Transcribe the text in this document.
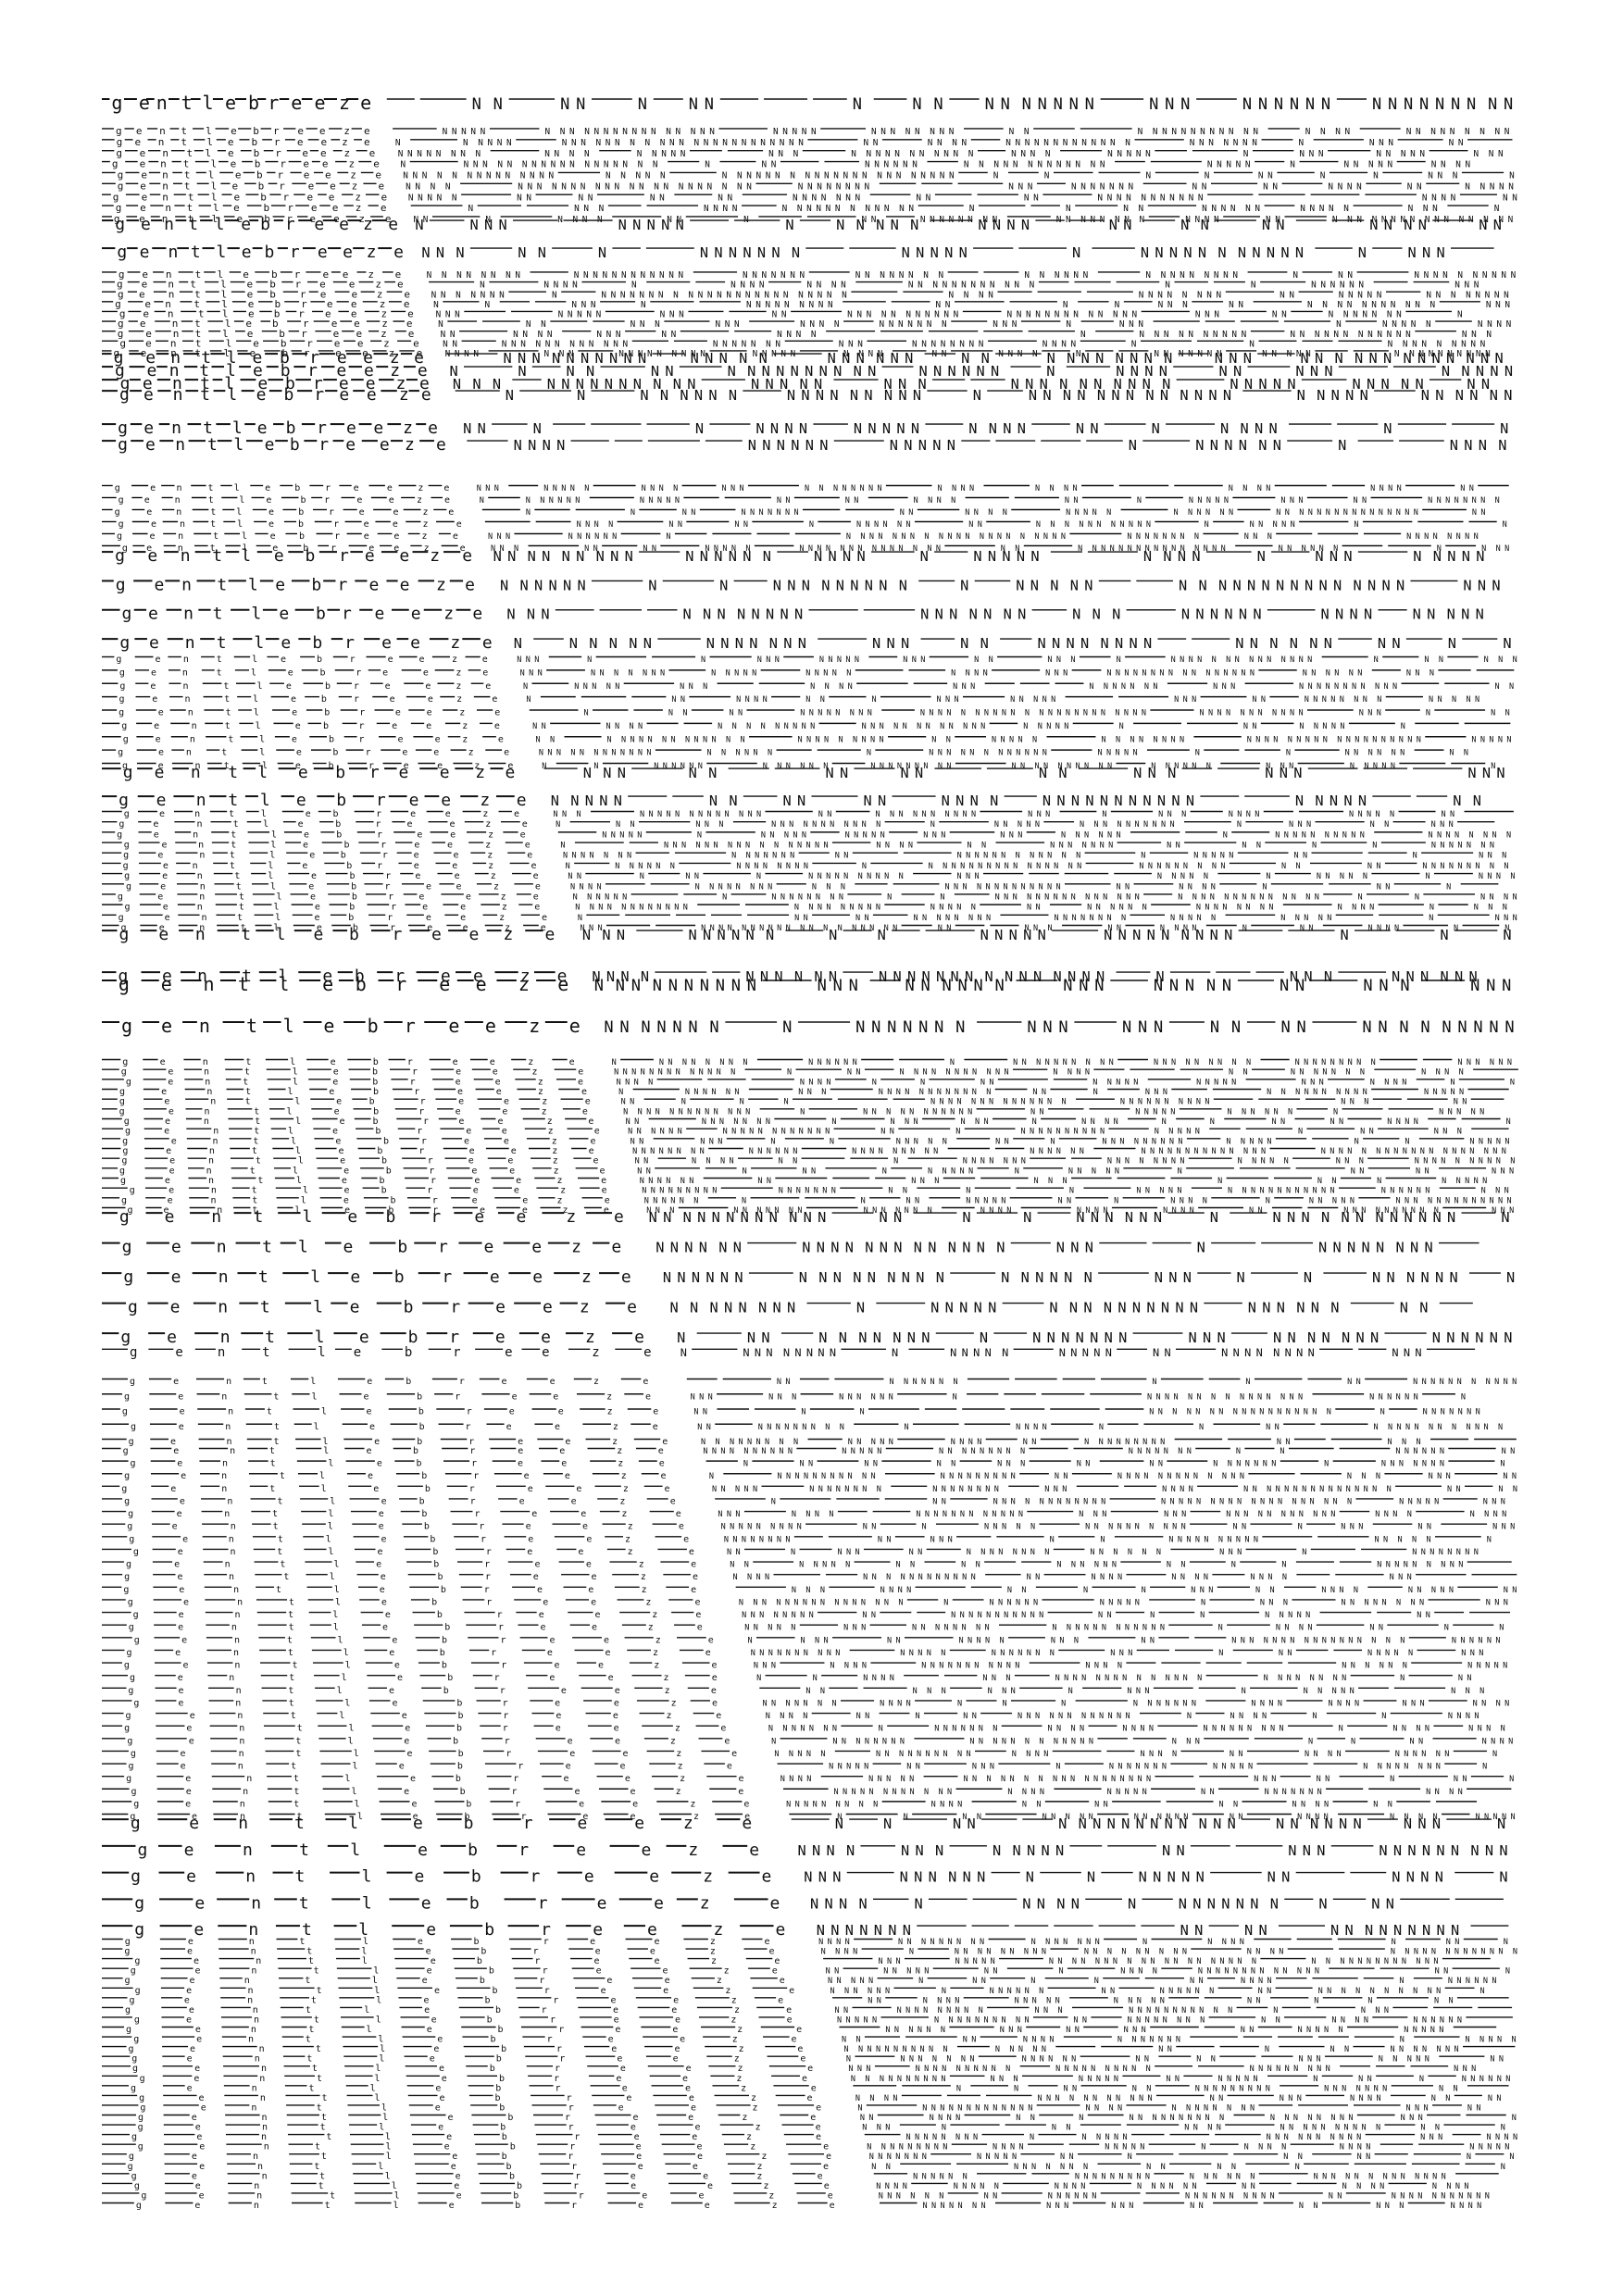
g e n t l e b r e e z e	N N	N N	N	N N	N	N N	N N N N N N N	N N N	N N N N N N	N N N N N N N N N
g e n t l e b r e e z e	N N N N N	N N N N N N N N N N N N N N N N	N N N N N	N N N N N N N N	N N	N N N N N N N N N N N N	N N N N	N N N N N N N N N
g e n t l e b r e e z e	N	N N N N N	N N N N N N N N N N N N N N N N N N N N N N N	N N	N N N N	N N N N N N N N N N N N N	N N N N N N N	N	N N N	N N
g e n t l e b r e e z e	N N N N N N N N	N N N N	N N N N N	N N N	N N N N N N N N N N N	N N N N	N N N N N	N	N N N	N N N N N	N N N
g e n t l e b r e e z e N	N N N N N N N N N N N N N N N N N N	N	N N	N N N N N N	N N N N N N N N N N N N N	N N N N N	N	N N N N N	N N N N
g e n t l e b r e e z e N N N N N N N N N N N N N N	N N N N N	N N N N N N N N N N N N N N N N N N N N N N	N	N	N	N	N N	N	N	N N N	N
g e n t l e b r e e z e N N N N	N N N N N N N N N N N N N N N N N N N N N	N N N N N N N N	N N N	N N N N N N N	N N	N N	N N N N	N N	N N N N N
g e n t l e b r e e z e N N N N N	N N	N N	N N	N N	N N N N N N N	N N	N N	N N N N N N N N N N N	N N N N	N N
g e n t l e b r e e z e	N	N N N	N N N N	N N N N N N N N N N N N	N	N	N N	N N N N N N	N N N N N	N N N	N
g e n t l e b r e e z e	N N	N	N	N N	N N	N	N N	N	N N N	N N N	N N	N N N N N N	N N N
g e n t l e b r e e z e N	N N N	N N N N N	N	N N N N N	N N N N	N N	N N	N N	N N N N	N N
g e n t l e b r e e z e N N N	N N	N	N N N N N N N	N N N N N	N	N N N N N N N N N N N	N	N N N
g e n t l e b r e e z e	N N N N N N N N	N N N N N N N N N N N N	N N N N N N N	N N N N N N N N	N N N N N N	N N N N N N N N N	N	N N	N N N N N N N N N N
g e n t l e b r e e z e	N	N N N N	N	N N N N	N N N N	N N N N N N N N N N N N	N	N	N N N N N N	N N N
g e n t l e b r e e z e N N N N N N N	N	N N N N N N N N N N N N N N N N N N N N N N N N	N N N N	N N N N N N N N	N N	N N N N N	N N N N N N N N
g e n t l e b r e e z e	N	N	N N N	N	N N N N N N N N N	N N	N	N	N N N	N N	N N N N N N N N N N N	N N N
g e n t l e b r e e z e	N N N	N N N N N	N N N	N N	N N N N N N N N N N N	N N N N N N N N N N N N N	N N N	N N	N N N N N N N	N
g e	n t l e b r e e z e	N	N N	N N N	N N N	N N N N	N N N N N N N	N N N	N	N N N	N	N N N N N	N N N N
g e n t l e	b r	e e z e	N N	N N N N	N N N	N N	N N N N	N	N N N N N N N N N N	N N N N N N N N N N N N	N N N
g e n t l e b r e e z e	N N	N N N N N N N N N N N N	N N N N N N N	N N N	N N N N N N N N	N N N N	N	N	N N N N N N N N N
g	n	l e	b	e e z e	N N N	N N N N	N N	N N	N N N N	N	N N	N N	N N	N N N N N N N N N N
g e n t l e b r e e z e	N N N N N N N N N N	N N N N N	N N N N N N	N N	N N N N N N N N	N N N	N N N N N N N N N N N N N
g e n t l e b r e e z e N	N	N N	N N	N N N N N N N N N N	N N N N N N	N	N N N N	N N	N N N	N N N N N
g e n t l e b r e e z e N N N	N N N N N N N N N N	N N N N N	N N N	N N N N N N N N N N	N N N N N	N N N N N	N N
g e n t l e b r e e z e	N	N	N N N N N N	N N N N N N N N N	N	N N N N N N N N N N N N N	N N N N N	N N N N N N
g e n t l e b r e e z e N N	N	N	N N N N	N N N N N	N N N N	N N	N	N N N N	N	N
g e n t l e b r e e z e	N N N N	N N N N N N	N N N N N	N	N N N N N N	N	N N N N
g	e n	t l	e	b	r e	e	z e	N N N	N N N N N	N N N N	N N N	N N N N N N N N	N N N N	N N N N	N N N N	N N N N	N N
g e	n	t	l e	b r	e	e z e	N	N N N N N N	N N N N N	N N	N N	N N N N	N N	N	N N N N N	N N N	N N	N N N N N N N N
g	e	n	t l	e	b	r	e	e	z e	N	N	N N	N N N N N N N	N N	N N N N	N N N N N	N N N N N N	N N N N N N N N N N N N N N N N	N N
g	e n	t l	e	b	r	e	e	z	e	N N N N	N N	N N	N	N N N N N N	N N	N N N N N N N N N N N	N	N N N N N	N	N
g	e n	t l e	b	r	e	e z	e	N N N	N N N N N N	N	N N N N N N N N N N N N N N N N N N N N N	N N N N N N N N	N N N	N N N N N N N N
g e	n	t	l	e	b r	e e	z	e	N N N	N N	N N	N N N N N	N N N N N N N N N N N N N N	N N	N N N N N N N N N N N N N N N N	N N N N N N	N	N N N
g e n t l e b r e e z e N N N N N N N N N	N N N N N N	N N N N	N	N N N N N	N N N N	N	N N N	N N N N N
g e n t l e b r e e z e N N N N N N	N	N	N N N N N N N N N	N	N N N N N	N N N N N N N N N N N N N N N	N N N
g e n t l e b r e e z e N N N	N N N N N N N N	N N N N N N N	N N N	N N N N N N	N N N N	N N N N N
g e n t l e b r e e z e N	N N N N N	N N N N N N N	N N N	N N	N N N N N N N N	N N N N N N	N N	N	N
g	e n	t	l e	b	r	e	e	z	e	N N N	N	N	N N N	N N N N N	N N N	N N	N N N	N	N N N N N N N N N N N N N N	N	N N	N N N
g	e	n	t	l	e	b	r e	e	z e	N N N	N N N N N N N	N N N N N	N N N N N	N N N N	N N N	N N N N N N N N N N N N N N N N	N N N N N N	N N N
g	e	n	t	l	e	b r	e	e	z	e	N	N N N N N	N N N	N N N N	N N N	N N N N N N N	N N N	N N N N N N N N N N N	N N
g	e	n	t l	e	b	r	e	e	z	e	N	N N	N N N N	N N	N	N N N	N N N N N	N N N	N N	N N N N N N N N	N N N N N
g	e	n	t l	e	b	r	e	e	z	e	N	N N	N N	N N N N N N N N	N N N N N N N N N N N N N N N N N N N N N N N	N N N N N N N N N N N	N N N	N	N N
g	e	n	t	l	e b	r	e	e	z	e	N N	N N N N	N N N N N N N N N	N N N N N N N N N N N N	N N N N N	N	N N	N N N N N	N
g	e	n	t	l	e	b	r	e	e z	e	N N	N N N N N N N N N N N N N	N N N N N N N N N	N N	N N N N N	N N N N N N N N	N N N N N N N N N N N N N N N N N N N	N N N N N
g	e n	t	l	e	b	r	e	e	z	e	N N N N N N N N N N N N	N N N N N N	N	N N N N N N N N N N N N	N N N N N	N	N	N N N N N N	N N
g	e	n	t	l	e	b	r	e	e	z	e	N	N	N N N N N N	N N N N N N	N N N N N N N N N	N N N N N N N N N N	N N N N N N	N N N	N N N N N	N
g e n t l e b r e e z e	N N N	N N	N N	N N	N N	N N N	N N N	N N N
g e n t l e b r e e z e N N N N N	N N	N N	N N	N N N N	N N N N N N N N N N N	N N N N N	N N
g	e	n	t	l	e b	r	e	e	z	e	N N N	N N N N N N N N N N N N N	N N	N N N N N N N N N N	N N N	N	N N N	N N N N	N N N N N	N N
g	e	n	t	l	e	b	r	e	e	z	e	N	N N	N N N	N N N N N N N N N N N	N	N N N N N	N N N N N N N N N N	N	N N N	N N	N N N
g	e	n	t	l	e	b	r	e	e	z	e	N N N N N	N	N N N N N	N N N N N	N N N	N N N	N N N N N N	N	N N N N N N N N N N	N N N N N N N N
g	e	n	t	l	e	b	r	e	e	z	e	N	N N N N N N N N N N N N N N N N	N N N N	N N	N N N N N N N	N N	N N	N	N	N N N N N N N
g	e	n	t	l	e	b	r	e	e	z	e	N N N N N N N	N N N N N N N	N N	N N N N N N N N N N N N	N	N N N N N	N N	N	N N N
g	e	n	t	l	e	b	r	e	e	z	e	N	N N N N N N	N N N N N N N N	N	N N N N N N N N N N N N N N N N	N N N N N N N N N	N N	N N	N N N N N N N N N
g	e	n	t	l	e	b	r	e	e	z	e	N N	N	N N	N	N N N N N N N N N N	N N N	N N N N N	N	N N N N N	N	N N N N
g	e	n	t	l	e	b	r	e	e	z	e	N N N N	N N N N N N N N	N N N	N N N N N N N N N N N N N	N N	N N N N	N	N N	N
g	e	n	t	l	e	b	r	e	e	z	e	N N N N N N	N	N N N N N N N N	N	N	N N N N N N N N N N N N N N N	N N N N N N N N N N N N N N	N	N	N N N N
g	e	n	t	l	e	b	r	e	e	z	e	N N N N N N N N N N N N	N N N N N N N N N	N N N N N	N N	N N N N N N	N N N N N N N N	N N N N	N	N N N
g	e	n	t	l	e	b	r	e	e	z	e	N	N N	N N	N N N N N N N N	N N N N N N N N	N N N N N	N N N N N	N	N N N
g	e	n	t	l	e	b	r	e	e	z	e	N N N	N N N N N N N N N N N N N N N N N N N	N N	N N N	N N	N N N N	N	N N	N N N N	N	N
g e n t l e b r e e z e N N N	N N N N N N	N	N	N N N N N	N N N N N N N N N	N	N	N
g e n t l e b r e e z e N N N N	N N N N N N	N N N N N N N N N N N N N N N	N	N N N	N N N N N N
g e n t l e b r e e z e N N N N N N N N N N	N N N	N N N N N N	N N N	N N N N N	N N	N N N	N N N
g e n t l e b r e e z e N N N N N N N	N	N N N N N N N	N N N	N N N	N N	N N	N N N N N N N N N
g	e	n	t	l	e	b	r	e	e	z	e	N	N N N N N N N N	N N N N N N	N	N N N N N N N N N N	N N N N N N N N N	N N N N N N N N N	N N N N N N
g	e	n	t	l	e	b	r	e	e	z	e	N N N N N N N N N N N N N	N	N N	N N N N N N N N N N N	N N N N	N N	N N N N N N N	N N N N
g	e	n	t	l	e	b	r	e	e	z	e	N N N N	N N N N	N	N	N N	N N N N N	N N N N N	N N N	N N N N	N	N
g	e	n	t	l	e	b	r	e	e	z	e	N	N N N N N N	N N N	N N N N N N N N N N N N	N N	N	N N N	N N N N N N N N N N	N N N N N
g	e	n	t	l	e	b	r	e	e	z	e	N N	N	N	N	N N N N N N N N N N N N N N	N N N N N N N N N N	N N N	N N
g	e	n	t	l	e	b	r	e	e	z	e	N N N N N N N N N N N N N	N	N N N N N N N N N N N	N N	N N N N N	N N N N N N	N	N N N N N
g	e	n	t	l	e	b	r	e	e	z	e	N N	N N N N N N N	N	N N N	N N N	N	N N N N	N	N	N N	N N	N N N N	N
g	e	n	t	l	e	b	r	e	e	z	e	N N N N N N	N N N N N N N N N N N N	N N	N	N N N N N N N N N N	N N N N N	N	N N	N N N
g	e	n	t	l	e	b	r	e	e	z	e	N N	N N N	N	N	N N N N N	N N	N	N N N N N N N N N	N N N N N	N	N	N N N N N
g	e	n	t	l	e	b	r	e	e	z	e	N N N N N N N N	N N N N N N	N N N N N N N N N	N N N N N N	N N N N N N N N N N N N N N	N N N N N N N N N N N N N N N N N N N
g	e	n	t	l	e	b	r	e	e	z	e	N N	N N N N	N N	N	N N N N N N N	N N N N N N N N	N N N N N	N N N	N N N N N N N N N N
g	e	n	t	l	e	b	r	e	e	z	e	N N	N	N N	N	N N N N N	N	N N N N N	N	N N	N N	N N N
g	e	n	t	l	e	b	r	e	e	z	e	N N N N N N	N N	N N N	N N N	N	N N	N	N N N N N
g	e	n	t	l	e	b	r	e	e	z	e	N N N N N N N N N	N N N N N N N	N N	N	N	N N N N N	N N N N N N N N N N N N	N N N N N N	N N N
g	e	n	t	l	e	b	r	e	e	z	e	N N N N N N	N	N	N N	N N N N N	N N	N	N N N N	N	N N N N N	N N N N N N N N N N N N N
g	e	n	t	l	e	b	r	e	e	z	e	N N N	N N N N N N N	N N N N N N N	N N N N	N N N N	N N N N	N N	N N N N N N N N N N	N N N
g e n t l e b r e e z e N N N N N N N N N N N N	N N	N	N	N N N N N N	N	N N N N N N N N N N N N	N
g e n t l e	b r e e z e N N N N N N	N N N N N N N N N N N N N	N N N	N	N N N N N N N N
g e n t	l e b r e e z e N N N N N N	N N N N N N N N N	N N N N N N	N N N	N	N	N N N N N N	N
g e n t	l e	b r e e z e N N N N N N N N	N	N N N N N	N N N N N N N N N N	N N N N N N	N N
g e	n t l e b r e e z e N	N N	N N N N N N N	N	N N N N N N N	N N N	N N N N N N N	N N N N N N
g	e	n	t	l e	b	r	e e	z	e	N	N N N N N N N N	N	N N N N N	N N N N N	N N	N N N N N N N N	N N N
g	e	n	t	l	e	b	r	e	e	z	e	N N	N N N N N N N	N	N	N N	N N N N N N N N N N N
g	e	n	t	l	e	b	r	e	e	z	e	N N N	N N N	N N N N N N	N	N N N N N N N N N N N N N N N	N N N N N N	N
g	e	n	t	l	e	b	r	e	e	z	e	N N	N	N	N N N N N N N N N N N N N N N N N N	N	N N N N N N N
g	e	n	t	l	e	b	r	e	e	z	e	N N	N N N N N N N N N	N	N N N N	N	N	N N	N N N N N N N N N N N N
g	e	n	t	l	e	b	r	e	e	z	e	N N N N N N N N N	N N N N N	N N N N	N N	N N N N N N N N N	N N	N N N
g	e	n	t	l	e	b	r	e	e	z	e	N N N N N N N N N N	N N N N N	N N N N N N N N N	N N N N N N N	N	N	N N N N N N	N N
g	e	n	t	l	e	b	r	e	e	z	e	N	N N	N N	N N	N N N	N N	N N	N N N N N N N	N	N N N N N N N	N
g	e	n	t	l	e	b	r	e	e	z	e	N	N N N N N N N N N N N	N N N N N N N N N	N N	N N N N N N N N N N N N N	N N N	N N N	N N
g	e	n	t	l	e	b	r	e	e	z	e	N N N N N	N N N N N N N N	N N N N N N N N	N N N	N N N N	N N N N N N N N N N N N N N N N	N N	N N
g	e	n	t	l	e	b	r	e	e	z	e	N	N N	N N N N N N N N N N N N	N N N N N N N N N N N N N N N N N N N	N N N N N	N N N
g	e	n	t	l	e	b	r	e	e	z	e	N N N	N N N N	N N N N N N N N N N N N	N N N	N N N	N N N N N N N N N N N	N N N N	N N N N
g	e	n	t	l	e	b	r	e	e	z	e	N N N N N N N N N	N N	N	N N N N N	N N N N N N N N N N	N N	N	N N N	N N	N N N
g	e	n	t	l	e	b	r	e	e	z	e	N N N N N N N N	N N	N N N	N	N	N N N N N N N N N N	N N N N N	N
g	e	n	t	l	e	b	r	e	e	z	e	N N	N	N N N	N N	N N N N N N N N	N N N N N N	N N N	N	N N N N N N N N
g	e	n	t	l	e	b	r	e	e	z	e	N N	N N N N N	N N	N N	N N N N N N	N N	N	N	N N N N N N N N N
g	e	n	t	l	e	b	r	e	e	z	e	N N N N	N N N N N N N N N N N N	N N	N N N N	N N N N	N N N N	N N N
g	e	n	t	l	e	b	r	e	e	z	e	N N N	N N N N	N N	N	N	N N N	N N	N N N N	N N N N N	N N
g	e	n	t	l	e	b	r	e	e	z	e	N N N N N N N N N N N N N N N N	N	N N N N N N	N N N N N	N	N N N	N N N N N N N N	N N N
g	e	n	t	l	e	b	r	e	e	z	e	N N N N N N N N	N N	N N N N N N N N N N N	N N	N	N	N N N N N	N N
g	e	n	t	l	e	b	r	e	e	z	e	N N N N N	N N N	N N N N N N N N	N N N N N N N N N N N N	N	N N N N	N N	N	N
g	e	n	t	l	e	b	r	e	e	z	e	N	N N N	N N	N N N N N	N N N	N N	N N N N N N N N N N N N N N N N N	N N N N N N
g	e	n	t	l	e	b	r	e	e	z	e	N N N N N N N N N N	N N N N N	N N N N N N N	N N N	N	N N	N N N N N	N N N
g	e	n	t	l	e	b	r	e	e	z	e	N N N	N N N N	N N N N N N N N N N N	N N N N	N N N N N N	N N N N N
g	e	n	t	l	e	b	r	e	e	z	e	N	N	N N N N	N N N	N N N N N N N N N N N N N N	N N N N N N N N	N	N N
g	e	n	t	l	e	b	r	e	e	z	e	N N	N N N	N N N	N	N N N	N	N N N N N	N N N
g	e	n	t	l	e	b	r	e	e	z	e	N N N N N N N	N N N N	N	N	N	N N N N N N N	N N N N	N N N N	N N N	N N N N
g	e	n	t	l	e	b	r	e	e	z	e	N N N N	N N	N	N N	N N N N N N N N N N N N	N	N N N N	N	N	N N N N
g	e	n	t	l	e	b	r	e	e	z	e	N N N N N N N	N	N N N N N N N	N N N N	N N N N	N N N N N N N N N	N	N N N N	N N N N
g	e	n	t	l	e	b	r	e	e	z	e	N	N N N N N N N N	N N N N N N N N N N N N	N N N	N	N	N N	N N N N
g	e	n	t	l	e	b	r	e	e	z	e	N N N N N	N N N N N N N N N N	N N N N	N N N N	N N	N N N N	N N N N N N	N
g	e	n	t	l	e	b	r	e	e	z	e	N N N N N	N N	N N N	N	N N N N N N N	N N N N N	N N N N N N N N	N
g	e	n	t	l	e	b	r	e	e	z	e	N N N N	N N N N N	N N N N N N N N N N N N N N N N N N	N N N	N N	N	N N	N
g	e	n	t	l	e	b	r	e	e	z	e	N N N N N N N N N N N N	N N N N	N N N N N	N N	N N N N N N N	N N N N
g	e	n	t	l	e	b	r	e	e	z	e	N N N N N N N N N	N N N N	N N	N N	N N	N N N N	N N
g	e	n	t	l	e	b	r	e	e	z	e	N	N	N N	N N N N N	N N N N N N	N N	N N N N	N N N N	N N N N N
g	e n	t	l	e b	r	e	e z	e	N	N	N N	N N N N N N N N N N N N	N N N N N N	N N N	N
g e	n	t l	e b r	e	e z	e	N N N N	N N N	N N N N N	N N	N N N	N N N N N N N N N
g	e	n t	l	e	b	r	e	e	z	e N N N	N N N N N N	N	N	N N N N N	N N	N N N N	N
g	e	n t	l	e b	r	e	e z	e N N N N	N	N N N N	N	N N N N N N N	N	N N
g	e	n	t	l	e	b	r	e	e	z	e N N N N N N N	N N	N N	N N N N N N N N N
g	e	n	t	l	e	b	r	e	e	z	e	N N N N	N N N N N N N N N	N N N N N N N	N	N N N N	N	N N	N
g	e	n	t	l	e	b	r	e	e	z	e	N N N N	N	N N N N N N N N N	N N N N N N N N N	N N N N	N N N N N N N N N N N N N
g	e	n	t	l	e	b	r	e	e	z	e	N N N	N N N N N	N N N N N N N N N N N N N N N N N N N	N N N N N N N N N N N N N
g	e	n	t	l	e	b	r	e	e	z	e	N N	N N N N N	N N	N	N N N N	N N N N N N N N N N N N N	N N	N
g	e	n	t	l	e	b	r	e	e	z	e	N N N N N	N	N N	N	N	N N	N N N N	N	N N N N N N
g	e	n	t	l	e	b	r	e	e	z	e	N N N N N N	N	N N N N N N	N N	N N N N N N	N N	N N N N N N N N N N	N
g	e	n	t	l	e	b	r	e	e	z	e	N N	N N N N	N N N N N	N N N N N	N N	N	N	N N
g	e	n	t	l	e	b	r	e	e	z	e	N N	N N N N N N N N N	N N N	N N N N N N N N N N N	N	N N N
g	e	n	t	l	e	b	r	e	e	z	e	N N N N N	N N N N N N N N N N	N N	N N N N N N N N	N N	N N N N	N N N N N N
g	e	n	t	l	e	b	r	e	e	z	e	N N N N N N	N N N	N N	N N N	N N	N N N N N	N N N N N
g	e	n	t	l	e	b	r	e	e	z	e	N N	N N	N N N N	N N N N N N N	N	N N N N N
g	e	n	t	l	e	b	r	e	e	z	e	N N N N N N N N N N N	N N N N N	N N	N	N N	N N N N N N N
g	e	n	t	l	e	b	r	e	e	z	e	N	N N N N N N N	N N N N N N	N N	N N	N N N	N N N N N	N N
g	e	n	t	l	e	b	r	e	e	z	e	N N N	N N N N N N N N N N	N N N N N N N N N N	N N N N N N N N N	N N N
g	e	n	t	l	e	b	r	e	e	z	e	N N N N N N N N N N	N N N	N N N N N	N N	N N N N N	N	N N	N	N N N N N N
g	e	n	t	l	e	b	r	e	e	z	e	N	N	N N	N N	N N N N N N N N N	N N N N N N N	N N
g	e	n	t	l	e	b	r	e	e	z	e	N N N N	N N N N N N N N N N N	N N	N N N	N N N N	N N	N N
g	e	n	t	l	e	b	r	e	e	z	e	N	N N N N N N N N N N N N N	N N N N	N N N N N N N N	N N N	N N
g	e	n	t	l	e	b	r	e	e	z	e	N N	N N N N	N N	N	N N N N N N N N N N	N N N N N N N N	N N N	N
g	e	n	t	l	e	b	r	e	e	z	e	N N N	N	N N	N N N N	N N N N N N N N N N	N N	N
g	e	n	t	l	e	b	r	e	e	z	e	N N N N N N N N	N	N N N N N	N N N N N N N N N N	N N N	N N N N
g	e	n	t	l	e	b	r	e	e	z	e	N N N N N N N N N	N N N N	N N N N N	N	N N N N	N N N N	N N N N N
g	e	n	t	l	e	b	r	e	e	z	e	N N N N N N N	N N N N N	N N	N	N N	N N	N	N
g	e	n	t	l	e	b	r	e	e	z	e	N N	N N N N N N N	N N	N N	N	N
g	e	n	t	l	e	b	r	e	e	z	e	N N N N N N	N N N N N N N N N	N N N N N N	N N N N N N N N N N N N N
g	e	n	t	l	e	b	r	e	e	z	e	N N N N	N N N N N	N N N N	N N N N N N	N N	N N N N	N N N N
g	e	n	t	l	e	b	r	e	e	z	e	N N N N N N	N N	N N N N N N	N N N N N N N N N N	N N	N N N N N N N N N N N
g	e	n	t	l	e	b	r	e	e	z	e	N N N N N N N	N N N	N N N	N N	N N	N N N	N N N N
